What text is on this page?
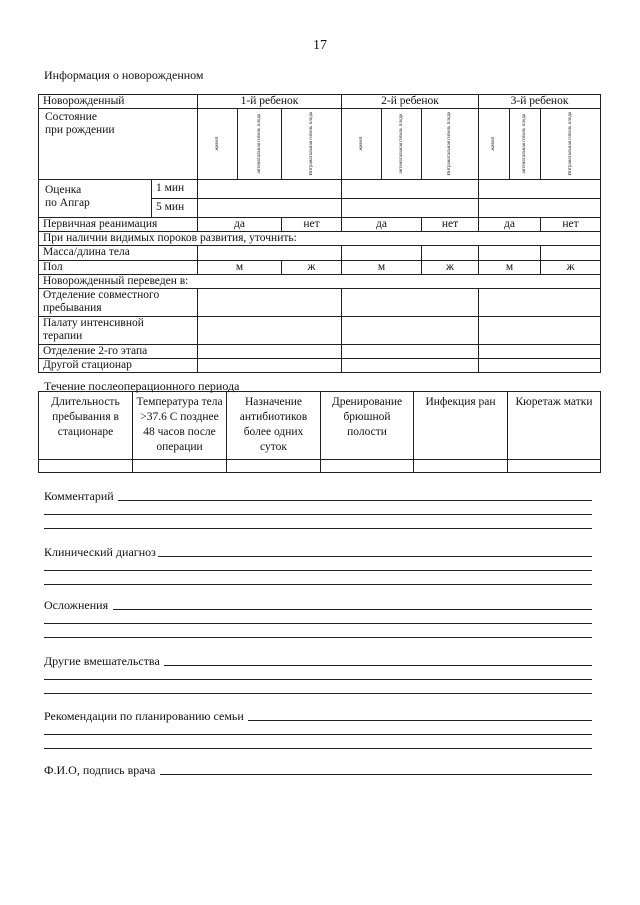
17
Информация о новорожденном
Новорожденный		1-й ребенок			2-й ребенок			3-й ребенок		
Состояние
при рождении		живой	антенатальная гибель плода	Интранатальная гибель плода	живой	антенатальная гибель плода	Интранатальная гибель плода	живой	антенатальная гибель плода	Интранатальная гибель плода

Оценка
по Апгар	1 мин									
	5 мин									
Первичная реанимация		да		нет	да		нет	да		нет
При наличии видимых пороков развития, уточнить:										
Масса/длина тела										
Пол		м		ж	м		ж	м		ж
Новорожденный переведен в:										
Отделение совместного
пребывания										
Палату интенсивной
терапии										
Отделение 2-го этапа										
Другой стационар										
Течение послеоперационного периода
Длительность пребывания в стационаре	Температура тела >37.6 С позднее 48 часов после операции	Назначение антибиотиков более одних суток	Дренирование брюшной полости	Инфекция ран	Кюретаж матки

Комментарий
Клинический диагноз
Осложнения
Другие вмешательства
Рекомендации по планированию семьи
Ф.И.О, подпись врача
